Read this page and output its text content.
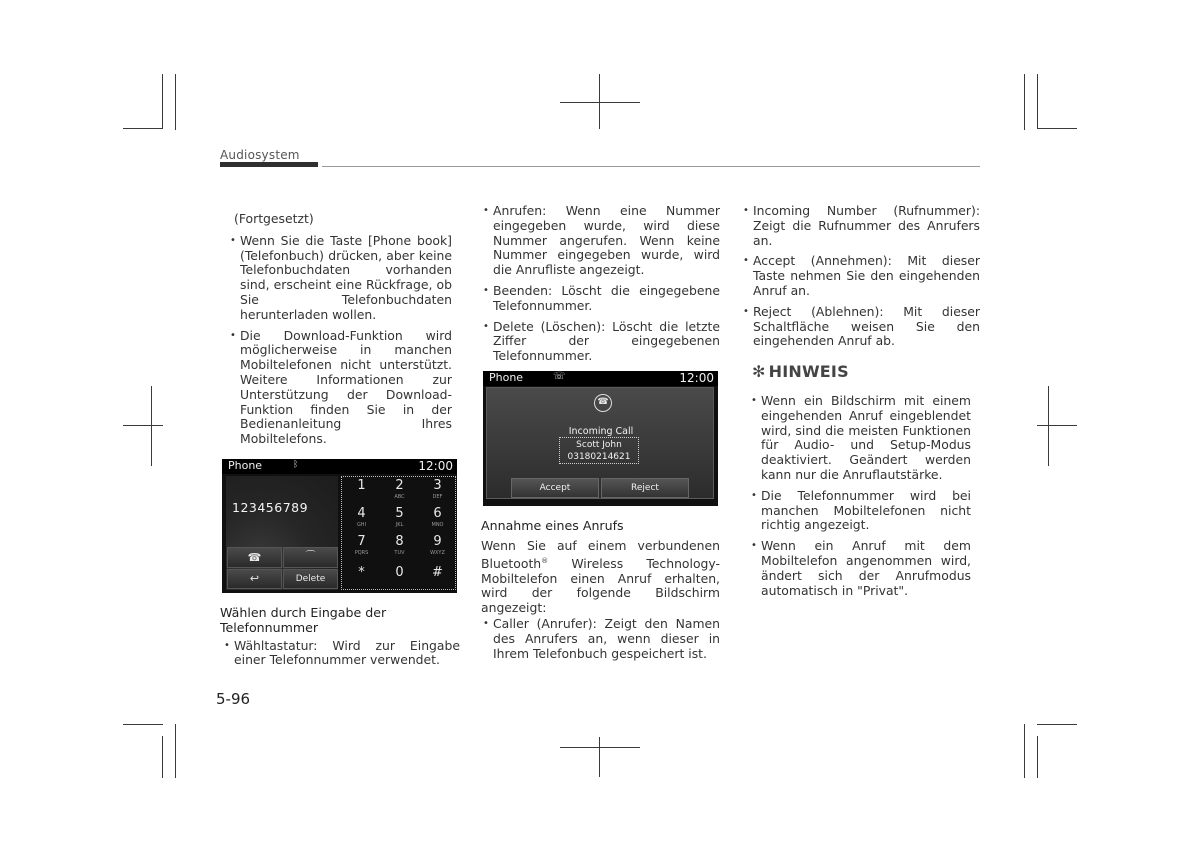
Audiosystem

(Fortgesetzt)

• Wenn Sie die Taste [Phone book] (Telefonbuch) drücken, aber keine Telefonbuchdaten vorhanden sind, erscheint eine Rückfrage, ob Sie Telefonbuchdaten herunterladen wollen.
• Die Download-Funktion wird möglicherweise in manchen Mobiltelefonen nicht unterstützt. Weitere Informationen zur Unterstützung der Download-Funktion finden Sie in der Bedienanleitung Ihres Mobiltelefons.
Phone	ᛒ	12:00
123456789
☎	⌒
↩	Delete
1	2
ABC
3
DEF
4
GHI
5
JKL
6
MNO
7
PQRS
8
TUV
9
WXYZ
*	0	#

Wählen durch Eingabe der Telefonnummer

• Wähltastatur: Wird zur Eingabe einer Telefonnummer verwendet.
• Anrufen: Wenn eine Nummer eingegeben wurde, wird diese Nummer angerufen. Wenn keine Nummer eingegeben wurde, wird die Anrufliste angezeigt.
• Beenden: Löscht die eingegebene Telefonnummer.
• Delete (Löschen): Löscht die letzte Ziffer der eingegebenen Telefonnummer.
Phone	☏	12:00
☎
Incoming Call
Scott John
03180214621
Accept	Reject

Annahme eines Anrufs

Wenn Sie auf einem verbundenen Bluetooth® Wireless Technology-Mobiltelefon einen Anruf erhalten, wird der folgende Bildschirm angezeigt:

• Caller (Anrufer): Zeigt den Namen des Anrufers an, wenn dieser in Ihrem Telefonbuch gespeichert ist.
• Incoming Number (Rufnummer): Zeigt die Rufnummer des Anrufers an.
• Accept (Annehmen): Mit dieser Taste nehmen Sie den eingehenden Anruf an.
• Reject (Ablehnen): Mit dieser Schaltfläche weisen Sie den eingehenden Anruf ab.
✻ HINWEIS
• Wenn ein Bildschirm mit einem eingehenden Anruf eingeblendet wird, sind die meisten Funktionen für Audio- und Setup-Modus deaktiviert. Geändert werden kann nur die Anruflautstärke.
• Die Telefonnummer wird bei manchen Mobiltelefonen nicht richtig angezeigt.
• Wenn ein Anruf mit dem Mobiltelefon angenommen wird, ändert sich der Anrufmodus automatisch in "Privat".
5-96
